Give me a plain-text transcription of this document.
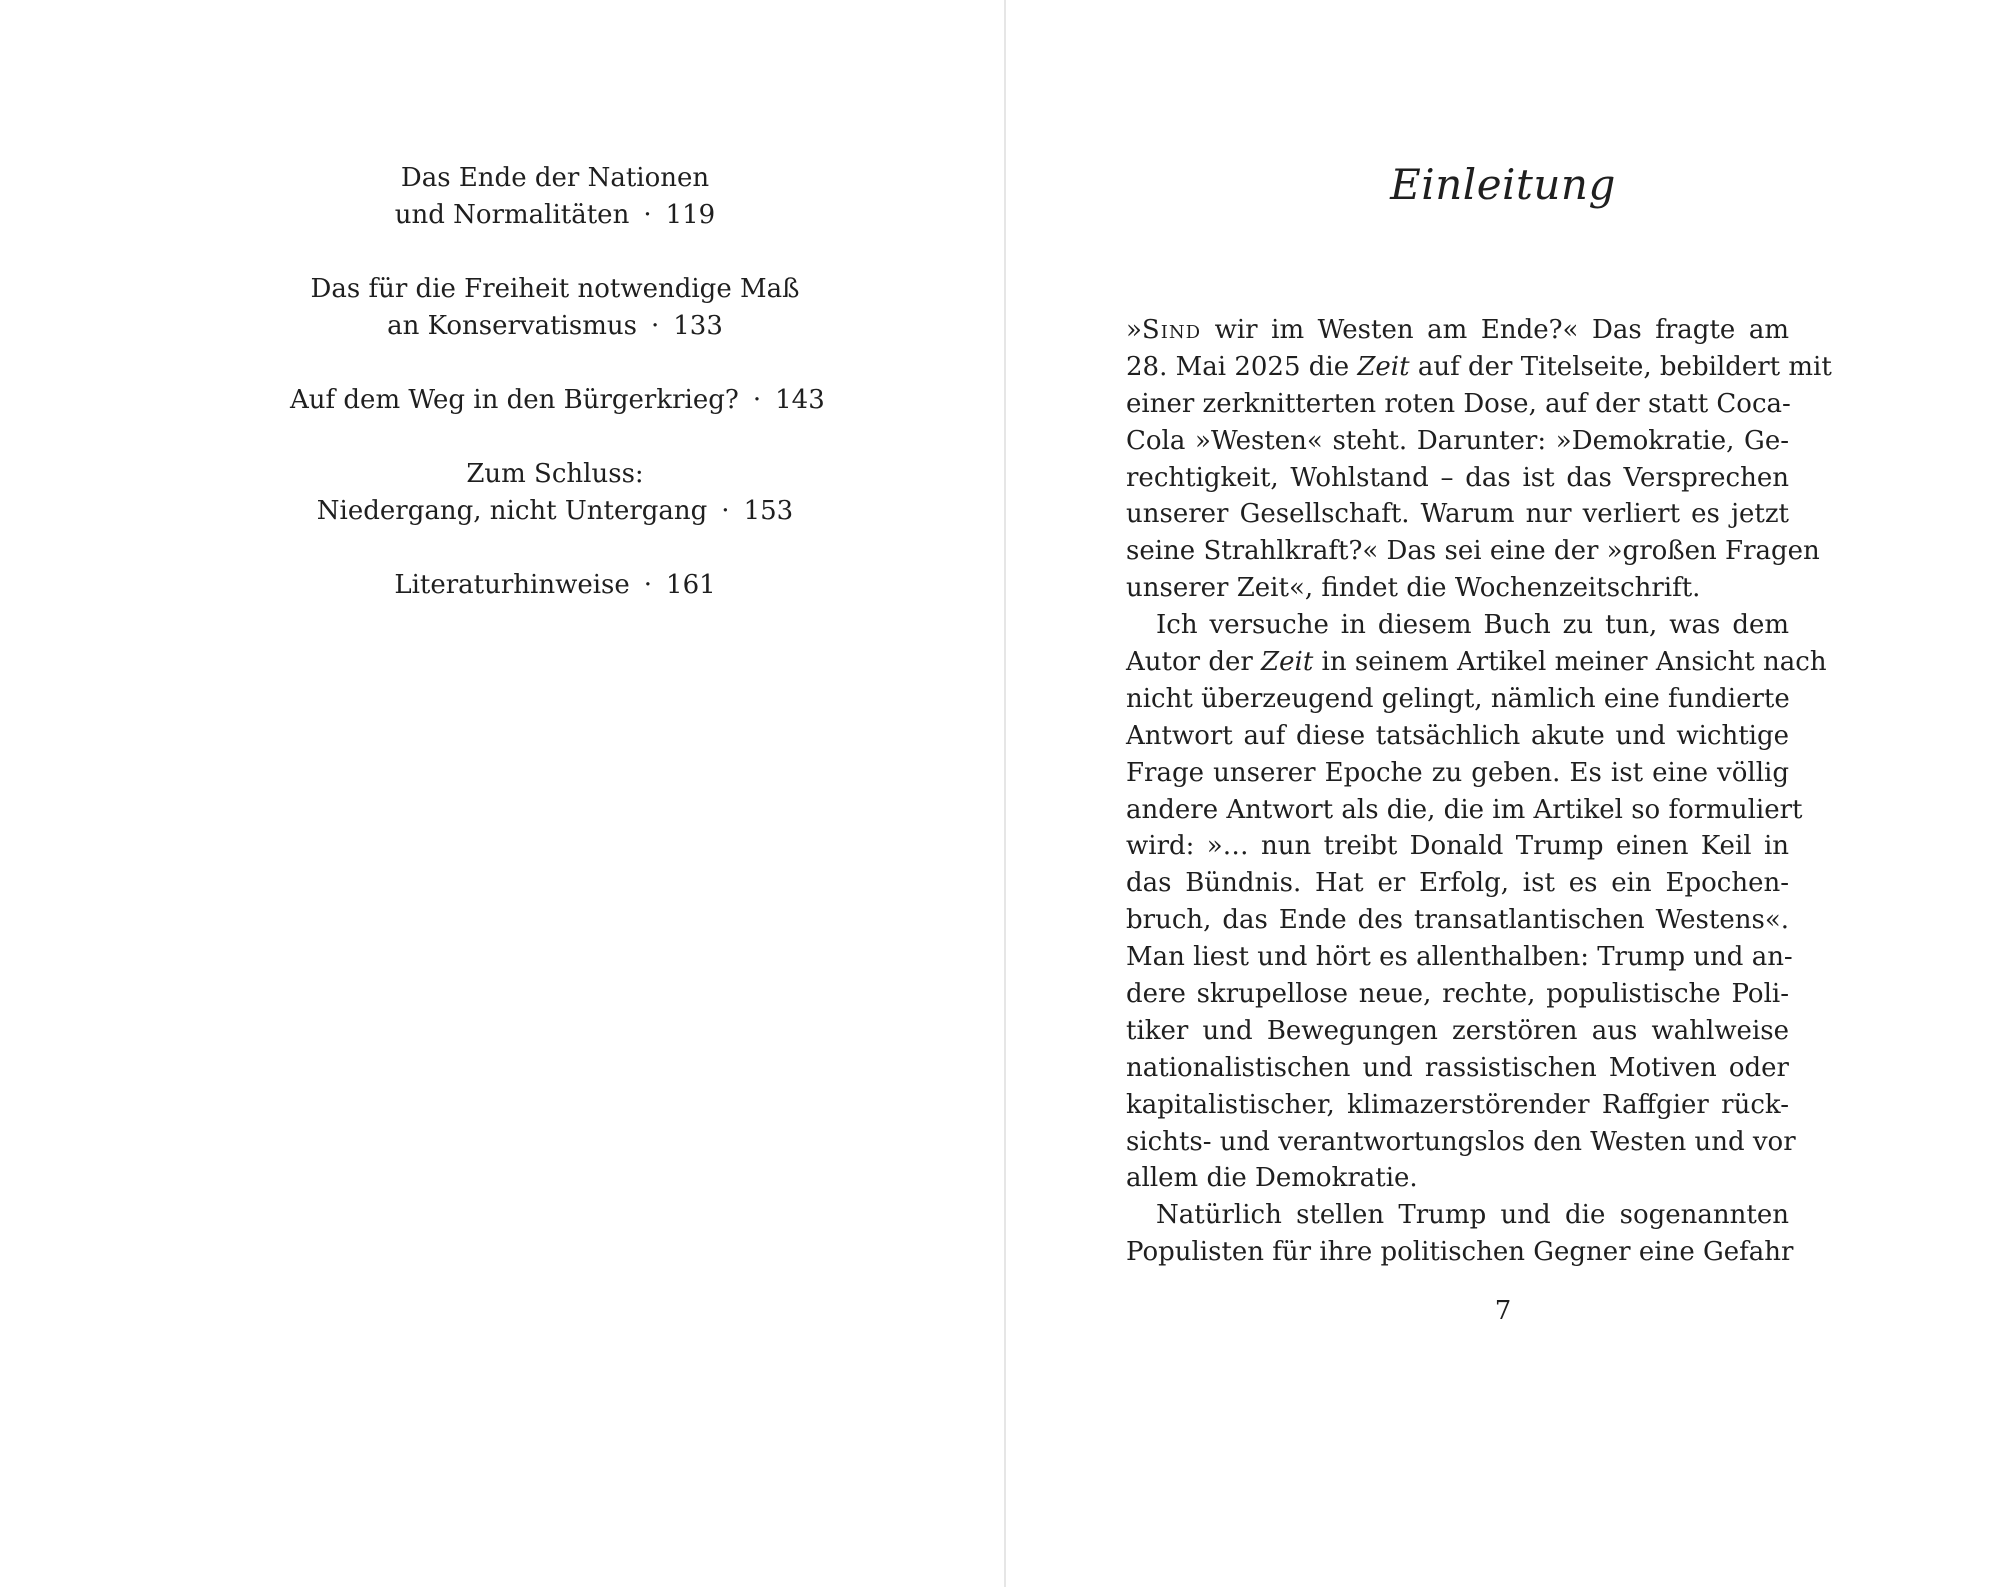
Das Ende der Nationen
und Normalitäten · 119
Das für die Freiheit notwendige Maß
an Konservatismus · 133
Auf dem Weg in den Bürgerkrieg? · 143
Zum Schluss:
Niedergang, nicht Untergang · 153
Literaturhinweise · 161
Einleitung
»Sind wir im Westen am Ende?« Das fragte am
28. Mai 2025 die Zeit auf der Titelseite, bebildert mit
einer zerknitterten roten Dose, auf der statt Coca-
Cola »Westen« steht. Darunter: »Demokratie, Ge-
rechtigkeit, Wohlstand – das ist das Versprechen
unserer Gesellschaft. Warum nur verliert es jetzt
seine Strahlkraft?« Das sei eine der »großen Fragen
unserer Zeit«, findet die Wochenzeitschrift.
Ich versuche in diesem Buch zu tun, was dem
Autor der Zeit in seinem Artikel meiner Ansicht nach
nicht überzeugend gelingt, nämlich eine fundierte
Antwort auf diese tatsächlich akute und wichtige
Frage unserer Epoche zu geben. Es ist eine völlig
andere Antwort als die, die im Artikel so formuliert
wird: »… nun treibt Donald Trump einen Keil in
das Bündnis. Hat er Erfolg, ist es ein Epochen-
bruch, das Ende des transatlantischen Westens«.
Man liest und hört es allenthalben: Trump und an-
dere skrupellose neue, rechte, populistische Poli-
tiker und Bewegungen zerstören aus wahlweise
nationalistischen und rassistischen Motiven oder
kapitalistischer, klimazerstörender Raffgier rück-
sichts- und verantwortungslos den Westen und vor
allem die Demokratie.
Natürlich stellen Trump und die sogenannten
Populisten für ihre politischen Gegner eine Gefahr
7
